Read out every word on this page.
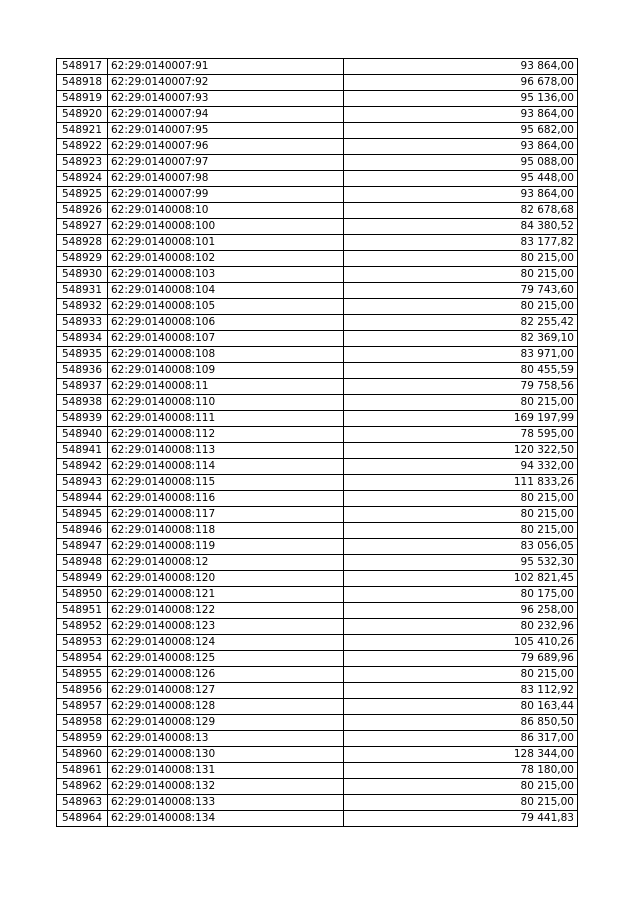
548917	62:29:0140007:91	93 864,00
548918	62:29:0140007:92	96 678,00
548919	62:29:0140007:93	95 136,00
548920	62:29:0140007:94	93 864,00
548921	62:29:0140007:95	95 682,00
548922	62:29:0140007:96	93 864,00
548923	62:29:0140007:97	95 088,00
548924	62:29:0140007:98	95 448,00
548925	62:29:0140007:99	93 864,00
548926	62:29:0140008:10	82 678,68
548927	62:29:0140008:100	84 380,52
548928	62:29:0140008:101	83 177,82
548929	62:29:0140008:102	80 215,00
548930	62:29:0140008:103	80 215,00
548931	62:29:0140008:104	79 743,60
548932	62:29:0140008:105	80 215,00
548933	62:29:0140008:106	82 255,42
548934	62:29:0140008:107	82 369,10
548935	62:29:0140008:108	83 971,00
548936	62:29:0140008:109	80 455,59
548937	62:29:0140008:11	79 758,56
548938	62:29:0140008:110	80 215,00
548939	62:29:0140008:111	169 197,99
548940	62:29:0140008:112	78 595,00
548941	62:29:0140008:113	120 322,50
548942	62:29:0140008:114	94 332,00
548943	62:29:0140008:115	111 833,26
548944	62:29:0140008:116	80 215,00
548945	62:29:0140008:117	80 215,00
548946	62:29:0140008:118	80 215,00
548947	62:29:0140008:119	83 056,05
548948	62:29:0140008:12	95 532,30
548949	62:29:0140008:120	102 821,45
548950	62:29:0140008:121	80 175,00
548951	62:29:0140008:122	96 258,00
548952	62:29:0140008:123	80 232,96
548953	62:29:0140008:124	105 410,26
548954	62:29:0140008:125	79 689,96
548955	62:29:0140008:126	80 215,00
548956	62:29:0140008:127	83 112,92
548957	62:29:0140008:128	80 163,44
548958	62:29:0140008:129	86 850,50
548959	62:29:0140008:13	86 317,00
548960	62:29:0140008:130	128 344,00
548961	62:29:0140008:131	78 180,00
548962	62:29:0140008:132	80 215,00
548963	62:29:0140008:133	80 215,00
548964	62:29:0140008:134	79 441,83
